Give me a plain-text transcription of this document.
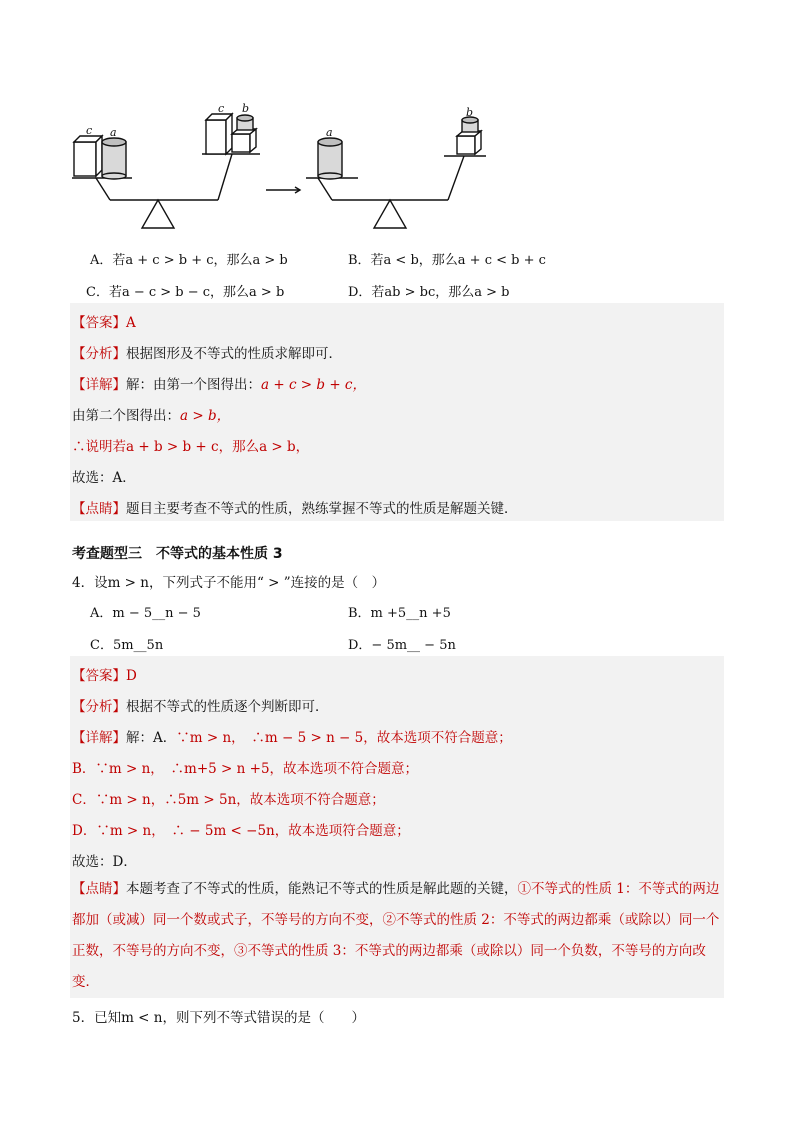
c a
c b
a
b
A．若a + c > b + c，那么a > b	B．若a < b，那么a + c < b + c
C．若a − c > b − c，那么a > b	D．若ab > bc，那么a > b
【答案】A
【分析】根据图形及不等式的性质求解即可．
【详解】解：由第一个图得出：a + c > b + c，
由第二个图得出：a > b，
∴说明若a + b > b + c，那么a > b，
故选：A．
【点睛】题目主要考查不等式的性质，熟练掌握不等式的性质是解题关键．
考查题型三　不等式的基本性质 3
4．设m > n，下列式子不能用“ > ”连接的是（　）
A．m − 5__n − 5	B．m +5__n +5
C．5m__5n	D．− 5m__ − 5n
【答案】D
【分析】根据不等式的性质逐个判断即可．
【详解】解：A．∵m > n，　∴m − 5 > n − 5，故本选项不符合题意；
B．∵m > n，　∴m+5 > n +5，故本选项不符合题意；
C．∵m > n，∴5m > 5n，故本选项不符合题意；
D．∵m > n，　∴ − 5m < −5n，故本选项符合题意；
故选：D．
【点睛】本题考查了不等式的性质，能熟记不等式的性质是解此题的关键，①不等式的性质 1：不等式的两边都加（或减）同一个数或式子，不等号的方向不变，②不等式的性质 2：不等式的两边都乘（或除以）同一个正数，不等号的方向不变，③不等式的性质 3：不等式的两边都乘（或除以）同一个负数，不等号的方向改变．
5．已知m < n，则下列不等式错误的是（　　）
